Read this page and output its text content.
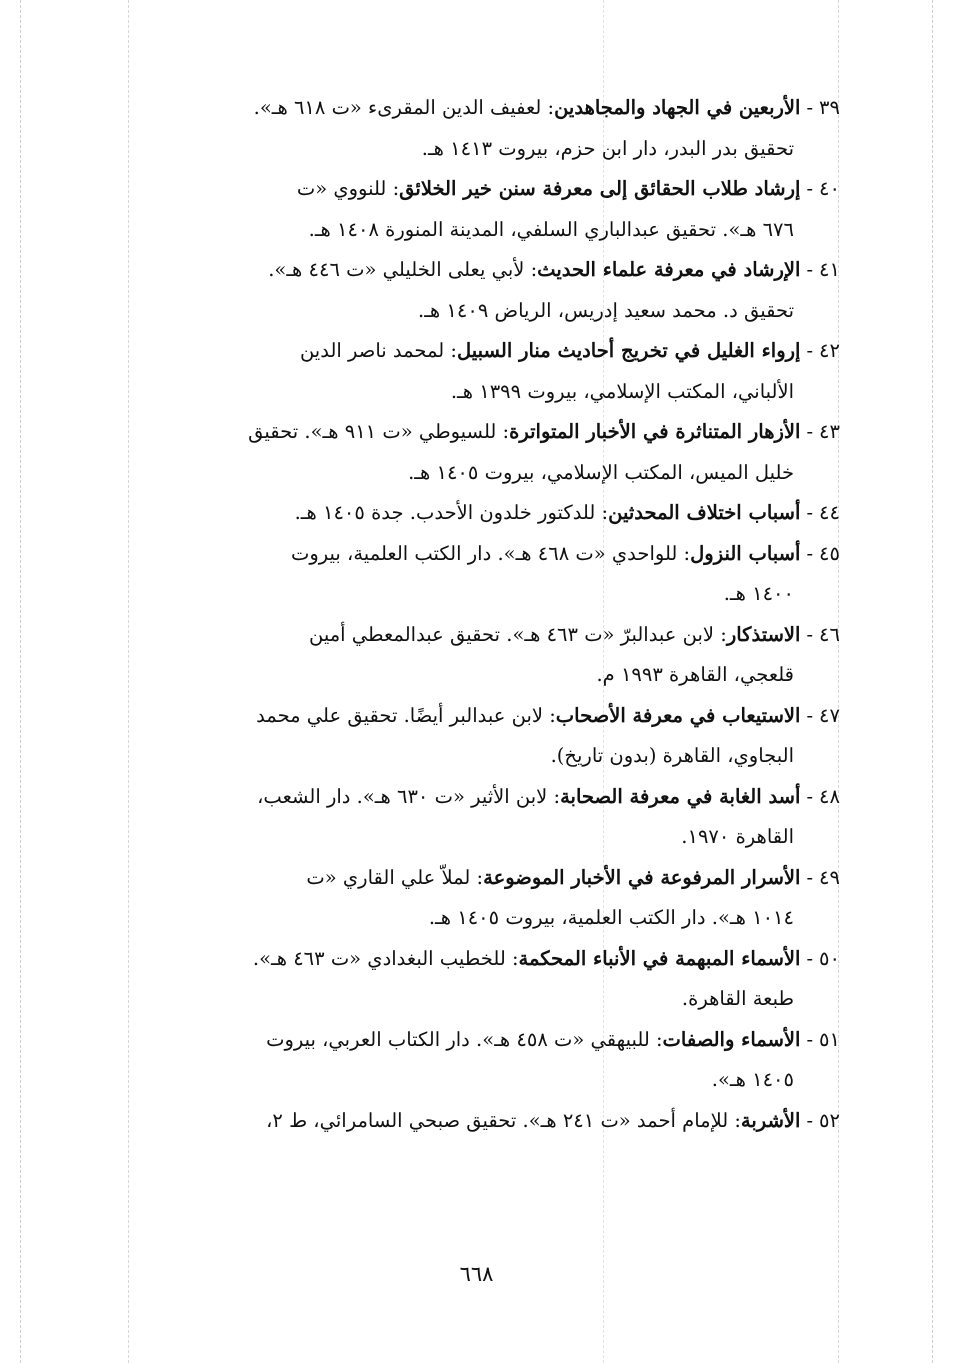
٣٩-الأربعين في الجهاد والمجاهدين: لعفيف الدين المقرىء «ت ٦١٨ هـ».
تحقيق بدر البدر، دار ابن حزم، بيروت ١٤١٣ هـ.
٤٠-إرشاد طلاب الحقائق إلى معرفة سنن خير الخلائق: للنووي «ت
٦٧٦ هـ». تحقيق عبدالباري السلفي، المدينة المنورة ١٤٠٨ هـ.
٤١-الإرشاد في معرفة علماء الحديث: لأبي يعلى الخليلي «ت ٤٤٦ هـ».
تحقيق د. محمد سعيد إدريس، الرياض ١٤٠٩ هـ.
٤٢-إرواء الغليل في تخريج أحاديث منار السبيل: لمحمد ناصر الدين
الألباني، المكتب الإسلامي، بيروت ١٣٩٩ هـ.
٤٣-الأزهار المتناثرة في الأخبار المتواترة: للسيوطي «ت ٩١١ هـ». تحقيق
خليل الميس، المكتب الإسلامي، بيروت ١٤٠٥ هـ.
٤٤-أسباب اختلاف المحدثين: للدكتور خلدون الأحدب. جدة ١٤٠٥ هـ.
٤٥-أسباب النزول: للواحدي «ت ٤٦٨ هـ». دار الكتب العلمية، بيروت
١٤٠٠ هـ.
٤٦-الاستذكار: لابن عبدالبرّ «ت ٤٦٣ هـ». تحقيق عبدالمعطي أمين
قلعجي، القاهرة ١٩٩٣ م.
٤٧-الاستيعاب في معرفة الأصحاب: لابن عبدالبر أيضًا. تحقيق علي محمد
البجاوي، القاهرة (بدون تاريخ).
٤٨-أسد الغابة في معرفة الصحابة: لابن الأثير «ت ٦٣٠ هـ». دار الشعب،
القاهرة ١٩٧٠.
٤٩-الأسرار المرفوعة في الأخبار الموضوعة: لملاّ علي القاري «ت
١٠١٤ هـ». دار الكتب العلمية، بيروت ١٤٠٥ هـ.
٥٠-الأسماء المبهمة في الأنباء المحكمة: للخطيب البغدادي «ت ٤٦٣ هـ».
طبعة القاهرة.
٥١-الأسماء والصفات: للبيهقي «ت ٤٥٨ هـ». دار الكتاب العربي، بيروت
١٤٠٥ هـ».
٥٢-الأشربة: للإمام أحمد «ت ٢٤١ هـ». تحقيق صبحي السامرائي، ط ٢،
٦٦٨
